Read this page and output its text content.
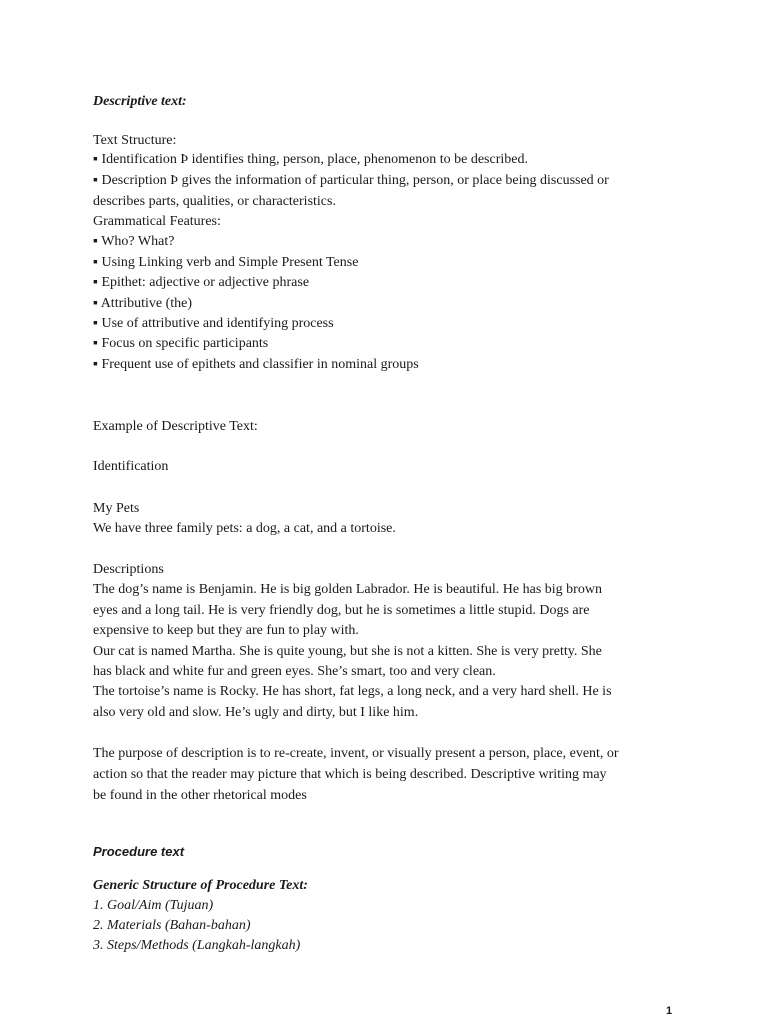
Descriptive text:
Text Structure:
▪ Identification Þ identifies thing, person, place, phenomenon to be described.
▪ Description Þ gives the information of particular thing, person, or place being discussed or
describes parts, qualities, or characteristics.
Grammatical Features:
▪ Who? What?
▪ Using Linking verb and Simple Present Tense
▪ Epithet: adjective or adjective phrase
▪ Attributive (the)
▪ Use of attributive and identifying process
▪ Focus on specific participants
▪ Frequent use of epithets and classifier in nominal groups
Example of Descriptive Text:
Identification
My Pets
We have three family pets: a dog, a cat, and a tortoise.
Descriptions
The dog’s name is Benjamin. He is big golden Labrador. He is beautiful. He has big brown
eyes and a long tail. He is very friendly dog, but he is sometimes a little stupid. Dogs are
expensive to keep but they are fun to play with.
Our cat is named Martha. She is quite young, but she is not a kitten. She is very pretty. She
has black and white fur and green eyes. She’s smart, too and very clean.
The tortoise’s name is Rocky. He has short, fat legs, a long neck, and a very hard shell. He is
also very old and slow. He’s ugly and dirty, but I like him.
The purpose of description is to re-create, invent, or visually present a person, place, event, or
action so that the reader may picture that which is being described. Descriptive writing may
be found in the other rhetorical modes
Procedure text
Generic Structure of Procedure Text:
1. Goal/Aim (Tujuan)
2. Materials (Bahan-bahan)
3. Steps/Methods (Langkah-langkah)
1
